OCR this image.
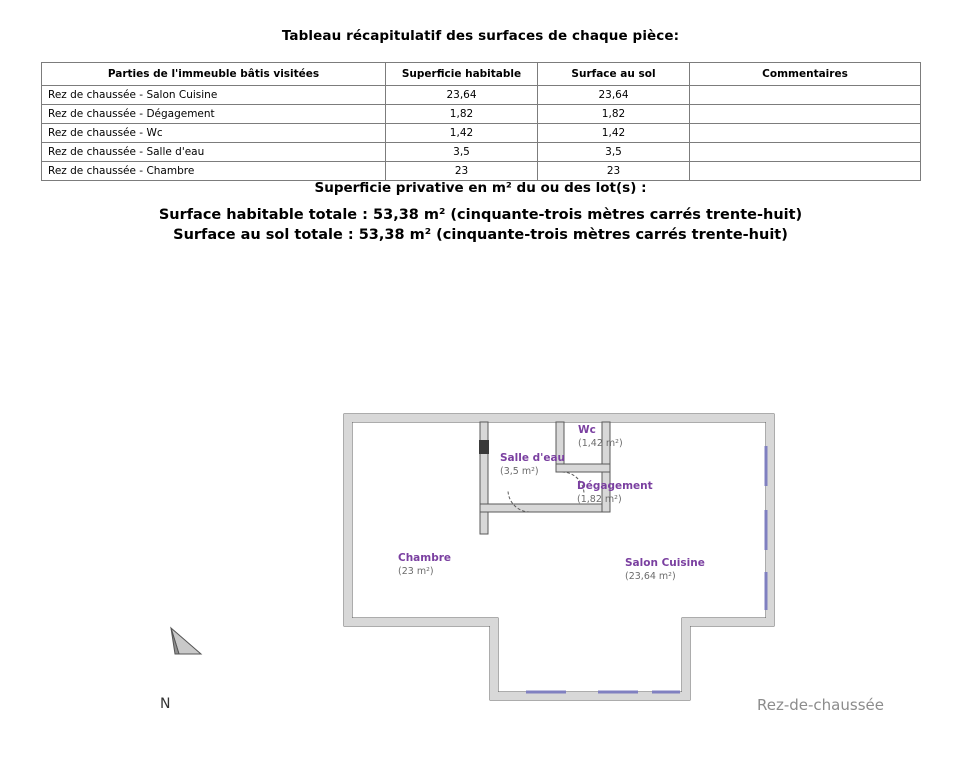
Tableau récapitulatif des surfaces de chaque pièce:
Parties de l'immeuble bâtis visitées	Superficie habitable	Surface au sol	Commentaires
Rez de chaussée - Salon Cuisine	23,64	23,64	
Rez de chaussée - Dégagement	1,82	1,82	
Rez de chaussée - Wc	1,42	1,42	
Rez de chaussée - Salle d'eau	3,5	3,5	
Rez de chaussée - Chambre	23	23	
Superficie privative en m² du ou des lot(s) :
Surface habitable totale : 53,38 m² (cinquante-trois mètres carrés trente-huit)
Surface au sol totale : 53,38 m² (cinquante-trois mètres carrés trente-huit)
Chambre
(23 m²)
Salon Cuisine
(23,64 m²)
Salle d'eau
(3,5 m²)
Wc
(1,42 m²)
Dégagement
(1,82 m²)
N	Rez-de-chaussée
